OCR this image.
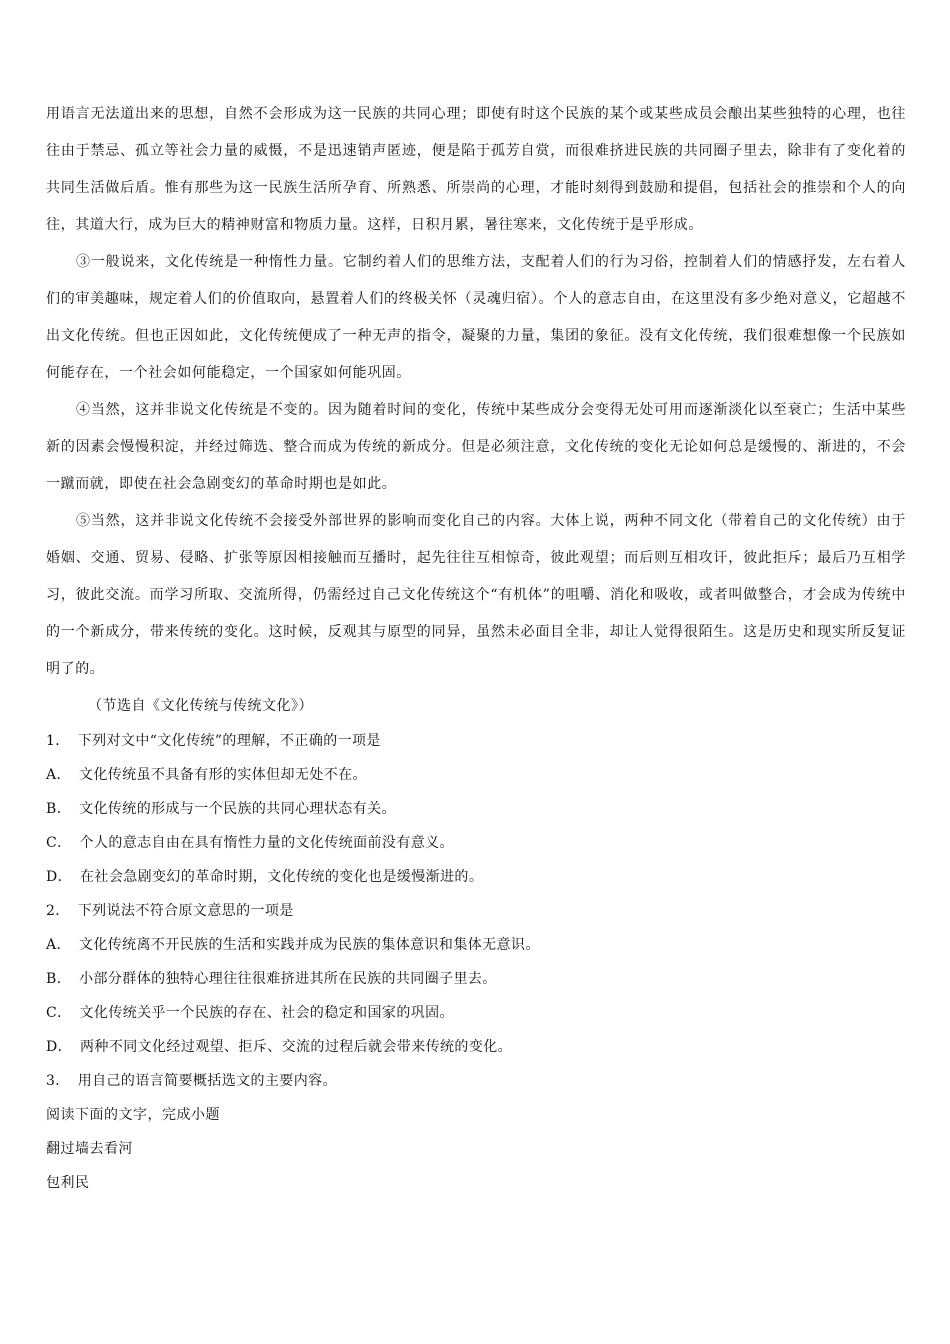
用语言无法道出来的思想，自然不会形成为这一民族的共同心理；即使有时这个民族的某个或某些成员会酿出某些独特的心理，也往往由于禁忌、孤立等社会力量的威慑，不是迅速销声匿迹，便是陷于孤芳自赏，而很难挤进民族的共同圈子里去，除非有了变化着的共同生活做后盾。惟有那些为这一民族生活所孕育、所熟悉、所崇尚的心理，才能时刻得到鼓励和提倡，包括社会的推崇和个人的向往，其道大行，成为巨大的精神财富和物质力量。这样，日积月累，暑往寒来，文化传统于是乎形成。

③一般说来，文化传统是一种惰性力量。它制约着人们的思维方法，支配着人们的行为习俗，控制着人们的情感抒发，左右着人们的审美趣味，规定着人们的价值取向，悬置着人们的终极关怀（灵魂归宿）。个人的意志自由，在这里没有多少绝对意义，它超越不出文化传统。但也正因如此，文化传统便成了一种无声的指令，凝聚的力量，集团的象征。没有文化传统，我们很难想像一个民族如何能存在，一个社会如何能稳定，一个国家如何能巩固。

④当然，这并非说文化传统是不变的。因为随着时间的变化，传统中某些成分会变得无处可用而逐渐淡化以至衰亡；生活中某些新的因素会慢慢积淀，并经过筛选、整合而成为传统的新成分。但是必须注意，文化传统的变化无论如何总是缓慢的、渐进的，不会一蹴而就，即使在社会急剧变幻的革命时期也是如此。

⑤当然，这并非说文化传统不会接受外部世界的影响而变化自己的内容。大体上说，两种不同文化（带着自己的文化传统）由于婚姻、交通、贸易、侵略、扩张等原因相接触而互播时，起先往往互相惊奇，彼此观望；而后则互相攻讦，彼此拒斥；最后乃互相学习，彼此交流。而学习所取、交流所得，仍需经过自己文化传统这个“有机体”的咀嚼、消化和吸收，或者叫做整合，才会成为传统中的一个新成分，带来传统的变化。这时候，反观其与原型的同异，虽然未必面目全非，却让人觉得很陌生。这是历史和现实所反复证明了的。

（节选自《文化传统与传统文化》）

1． 下列对文中“文化传统”的理解，不正确的一项是

A． 文化传统虽不具备有形的实体但却无处不在。

B． 文化传统的形成与一个民族的共同心理状态有关。

C． 个人的意志自由在具有惰性力量的文化传统面前没有意义。

D． 在社会急剧变幻的革命时期，文化传统的变化也是缓慢渐进的。

2． 下列说法不符合原文意思的一项是

A． 文化传统离不开民族的生活和实践并成为民族的集体意识和集体无意识。

B． 小部分群体的独特心理往往很难挤进其所在民族的共同圈子里去。

C． 文化传统关乎一个民族的存在、社会的稳定和国家的巩固。

D． 两种不同文化经过观望、拒斥、交流的过程后就会带来传统的变化。

3． 用自己的语言简要概括选文的主要内容。

阅读下面的文字，完成小题

翻过墙去看河

包利民
